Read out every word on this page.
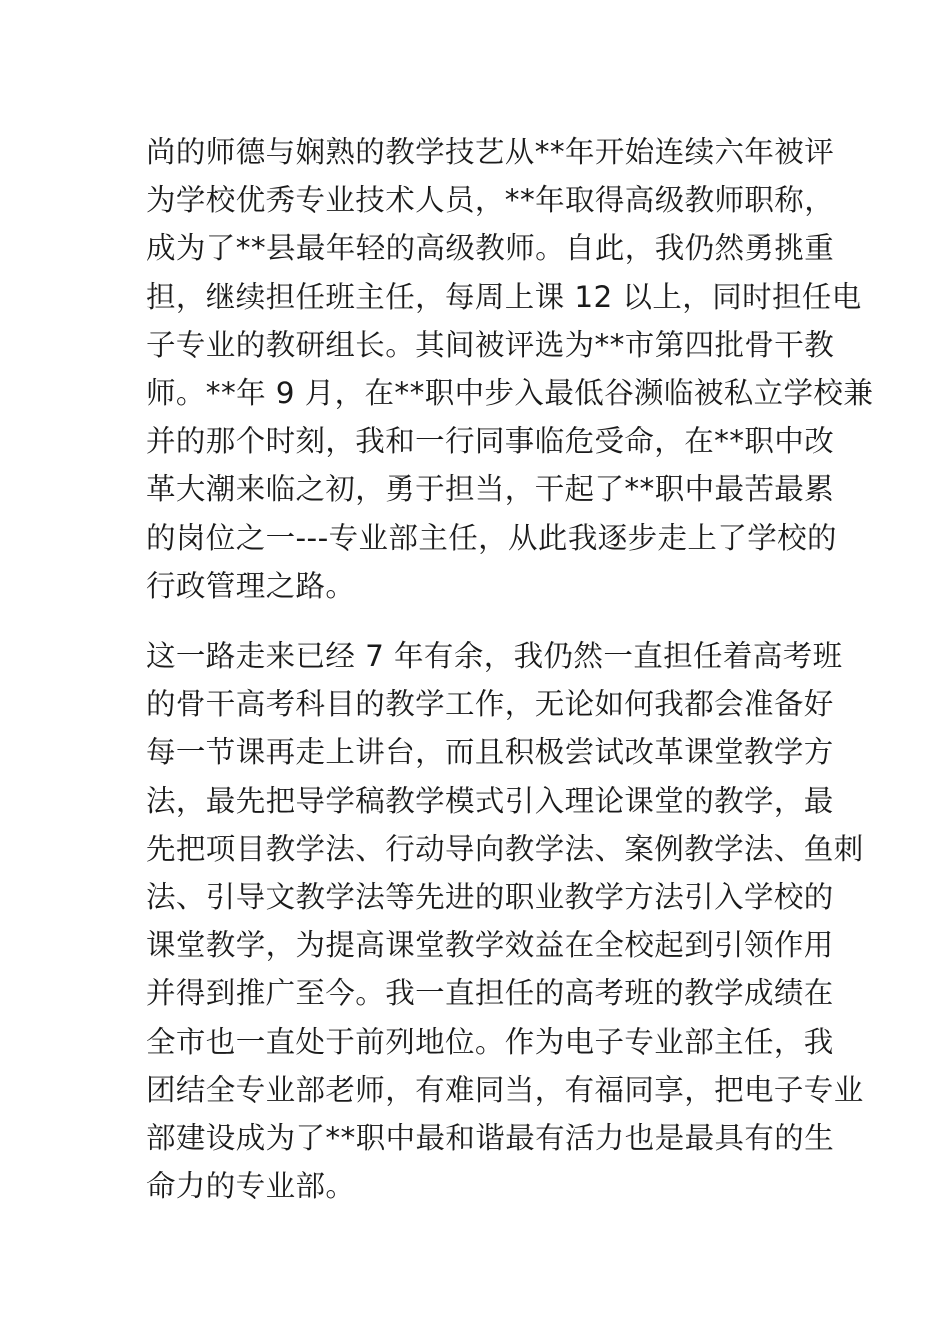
尚的师德与娴熟的教学技艺从**年开始连续六年被评
为学校优秀专业技术人员，**年取得高级教师职称，
成为了**县最年轻的高级教师。自此，我仍然勇挑重
担，继续担任班主任，每周上课 12 以上，同时担任电
子专业的教研组长。其间被评选为**市第四批骨干教
师。**年 9 月，在**职中步入最低谷濒临被私立学校兼
并的那个时刻，我和一行同事临危受命，在**职中改
革大潮来临之初，勇于担当，干起了**职中最苦最累
的岗位之一---专业部主任，从此我逐步走上了学校的
行政管理之路。
这一路走来已经 7 年有余，我仍然一直担任着高考班
的骨干高考科目的教学工作，无论如何我都会准备好
每一节课再走上讲台，而且积极尝试改革课堂教学方
法，最先把导学稿教学模式引入理论课堂的教学，最
先把项目教学法、行动导向教学法、案例教学法、鱼刺
法、引导文教学法等先进的职业教学方法引入学校的
课堂教学，为提高课堂教学效益在全校起到引领作用
并得到推广至今。我一直担任的高考班的教学成绩在
全市也一直处于前列地位。作为电子专业部主任，我
团结全专业部老师，有难同当，有福同享，把电子专业
部建设成为了**职中最和谐最有活力也是最具有的生
命力的专业部。
